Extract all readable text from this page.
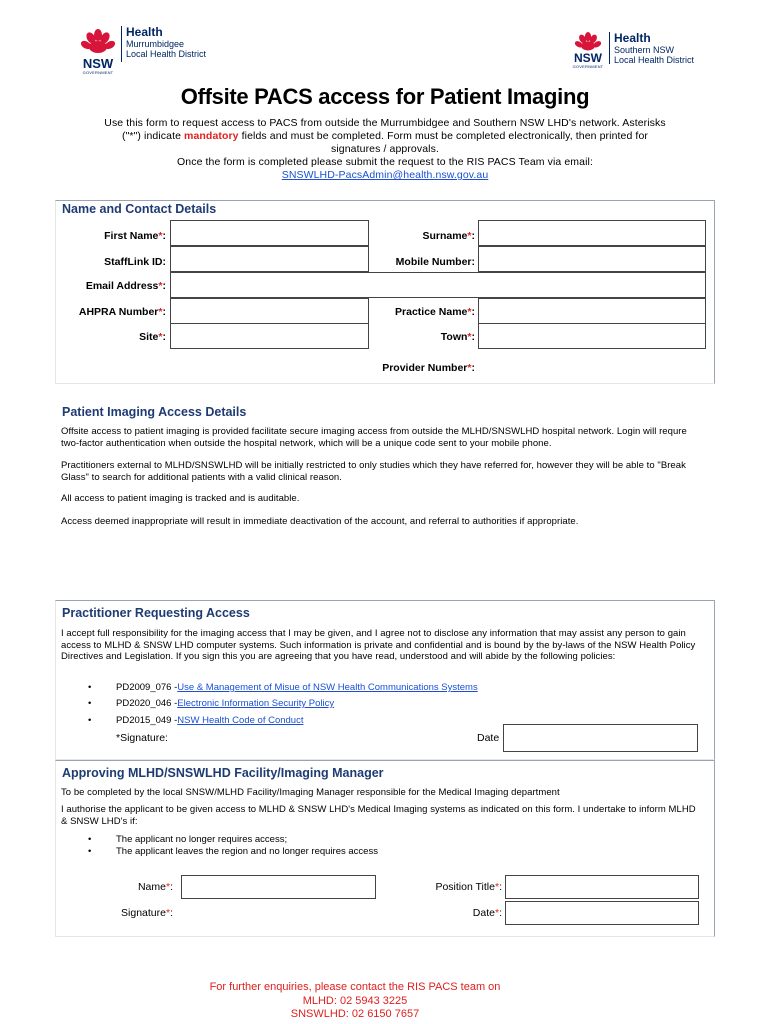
NSW
GOVERNMENT
Health
Murrumbidgee
Local Health District	NSW
GOVERNMENT
Health
Southern NSW
Local Health District
Offsite PACS access for Patient Imaging
Use this form to request access to PACS from outside the Murrumbidgee and Southern NSW LHD's network. Asterisks
("*") indicate mandatory fields and must be completed. Form must be completed electronically, then printed for
signatures / approvals.
Once the form is completed please submit the request to the RIS PACS Team via email:
SNSWLHD-PacsAdmin@health.nsw.gov.au
Name and Contact Details
First Name*:	Surname*:
StaffLink ID:	Mobile Number:
Email Address*:
AHPRA Number*:	Practice Name*:
Site*:	Town*:
Provider Number*:
Patient Imaging Access Details
Offsite access to patient imaging is provided facilitate secure imaging access from outside the MLHD/SNSWLHD hospital network. Login will requre two-factor authentication when outside the hospital network, which will be a unique code sent to your mobile phone.
Practitioners external to MLHD/SNSWLHD will be initially restricted to only studies which they have referred for, however they will be able to "Break Glass" to search for additional patients with a valid clinical reason.
All access to patient imaging is tracked and is auditable.
Access deemed inappropriate will result in immediate deactivation of the account, and referral to authorities if appropriate.
Practitioner Requesting Access
I accept full responsibility for the imaging access that I may be given, and I agree not to disclose any information that may assist any person to gain access to MLHD & SNSW LHD computer systems. Such information is private and confidential and is bound by the by-laws of the NSW Health Policy Directives and Legislation. If you sign this you are agreeing that you have read, understood and will abide by the following policies:
•	PD2009_076 - Use & Management of Misue of NSW Health Communications Systems
•	PD2020_046 - Electronic Information Security Policy
•	PD2015_049 - NSW Health Code of Conduct
*Signature:	Date
Approving MLHD/SNSWLHD Facility/Imaging Manager
To be completed by the local SNSW/MLHD Facility/Imaging Manager responsible for the Medical Imaging department
I authorise the applicant to be given access to MLHD & SNSW LHD's Medical Imaging systems as indicated on this form. I undertake to inform MLHD & SNSW LHD's if:
•	The applicant no longer requires access;
•	The applicant leaves the region and no longer requires access
Name*:	Position Title*:
Signature*:	Date*:
For further enquiries, please contact the RIS PACS team on
MLHD: 02 5943 3225
SNSWLHD: 02 6150 7657
